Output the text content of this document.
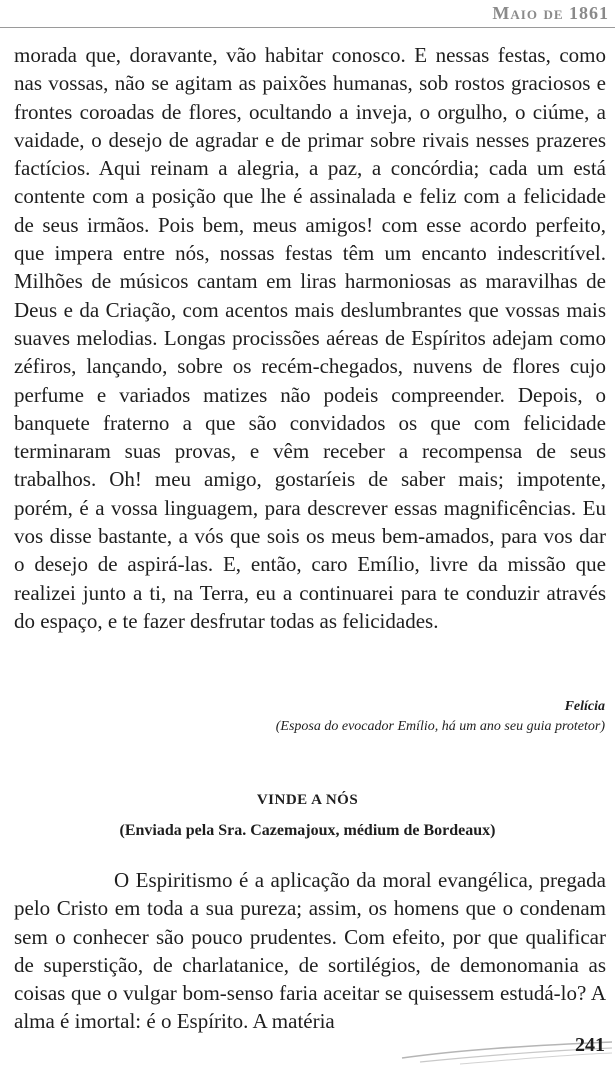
Maio de 1861

morada que, doravante, vão habitar conosco. E nessas festas, como nas vossas, não se agitam as paixões humanas, sob rostos graciosos e frontes coroadas de flores, ocultando a inveja, o orgulho, o ciúme, a vaidade, o desejo de agradar e de primar sobre rivais nesses prazeres factícios. Aqui reinam a alegria, a paz, a concórdia; cada um está contente com a posição que lhe é assinalada e feliz com a felicidade de seus irmãos. Pois bem, meus amigos! com esse acordo perfeito, que impera entre nós, nossas festas têm um encanto indescritível. Milhões de músicos cantam em liras harmoniosas as maravilhas de Deus e da Criação, com acentos mais deslumbrantes que vossas mais suaves melodias. Longas procissões aéreas de Espíritos adejam como zéfiros, lançando, sobre os recém-chegados, nuvens de flores cujo perfume e variados matizes não podeis compreender. Depois, o banquete fraterno a que são convidados os que com felicidade terminaram suas provas, e vêm receber a recompensa de seus trabalhos. Oh! meu amigo, gostaríeis de saber mais; impotente, porém, é a vossa linguagem, para descrever essas magnificências. Eu vos disse bastante, a vós que sois os meus bem-amados, para vos dar o desejo de aspirá-las. E, então, caro Emílio, livre da missão que realizei junto a ti, na Terra, eu a continuarei para te conduzir através do espaço, e te fazer desfrutar todas as felicidades.

Felícia
(Esposa do evocador Emílio, há um ano seu guia protetor)
VINDE A NÓS
(Enviada pela Sra. Cazemajoux, médium de Bordeaux)

O Espiritismo é a aplicação da moral evangélica, pregada pelo Cristo em toda a sua pureza; assim, os homens que o condenam sem o conhecer são pouco prudentes. Com efeito, por que qualificar de superstição, de charlatanice, de sortilégios, de demonomania as coisas que o vulgar bom-senso faria aceitar se quisessem estudá-lo? A alma é imortal: é o Espírito. A matéria

241
